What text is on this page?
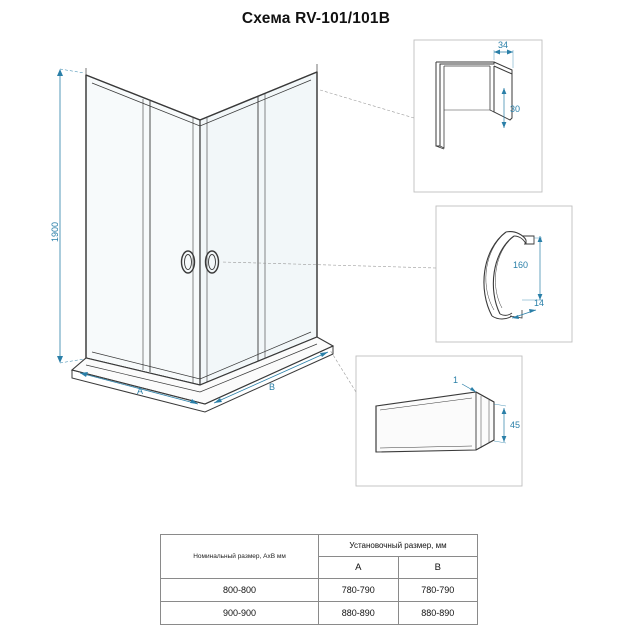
Схема RV-101/101В
1900
A	B
34
30
160
14
1
45
Номинальный размер, АхВ мм	Установочный размер, мм	
	A	B
800-800	780-790	780-790
900-900	880-890	880-890
